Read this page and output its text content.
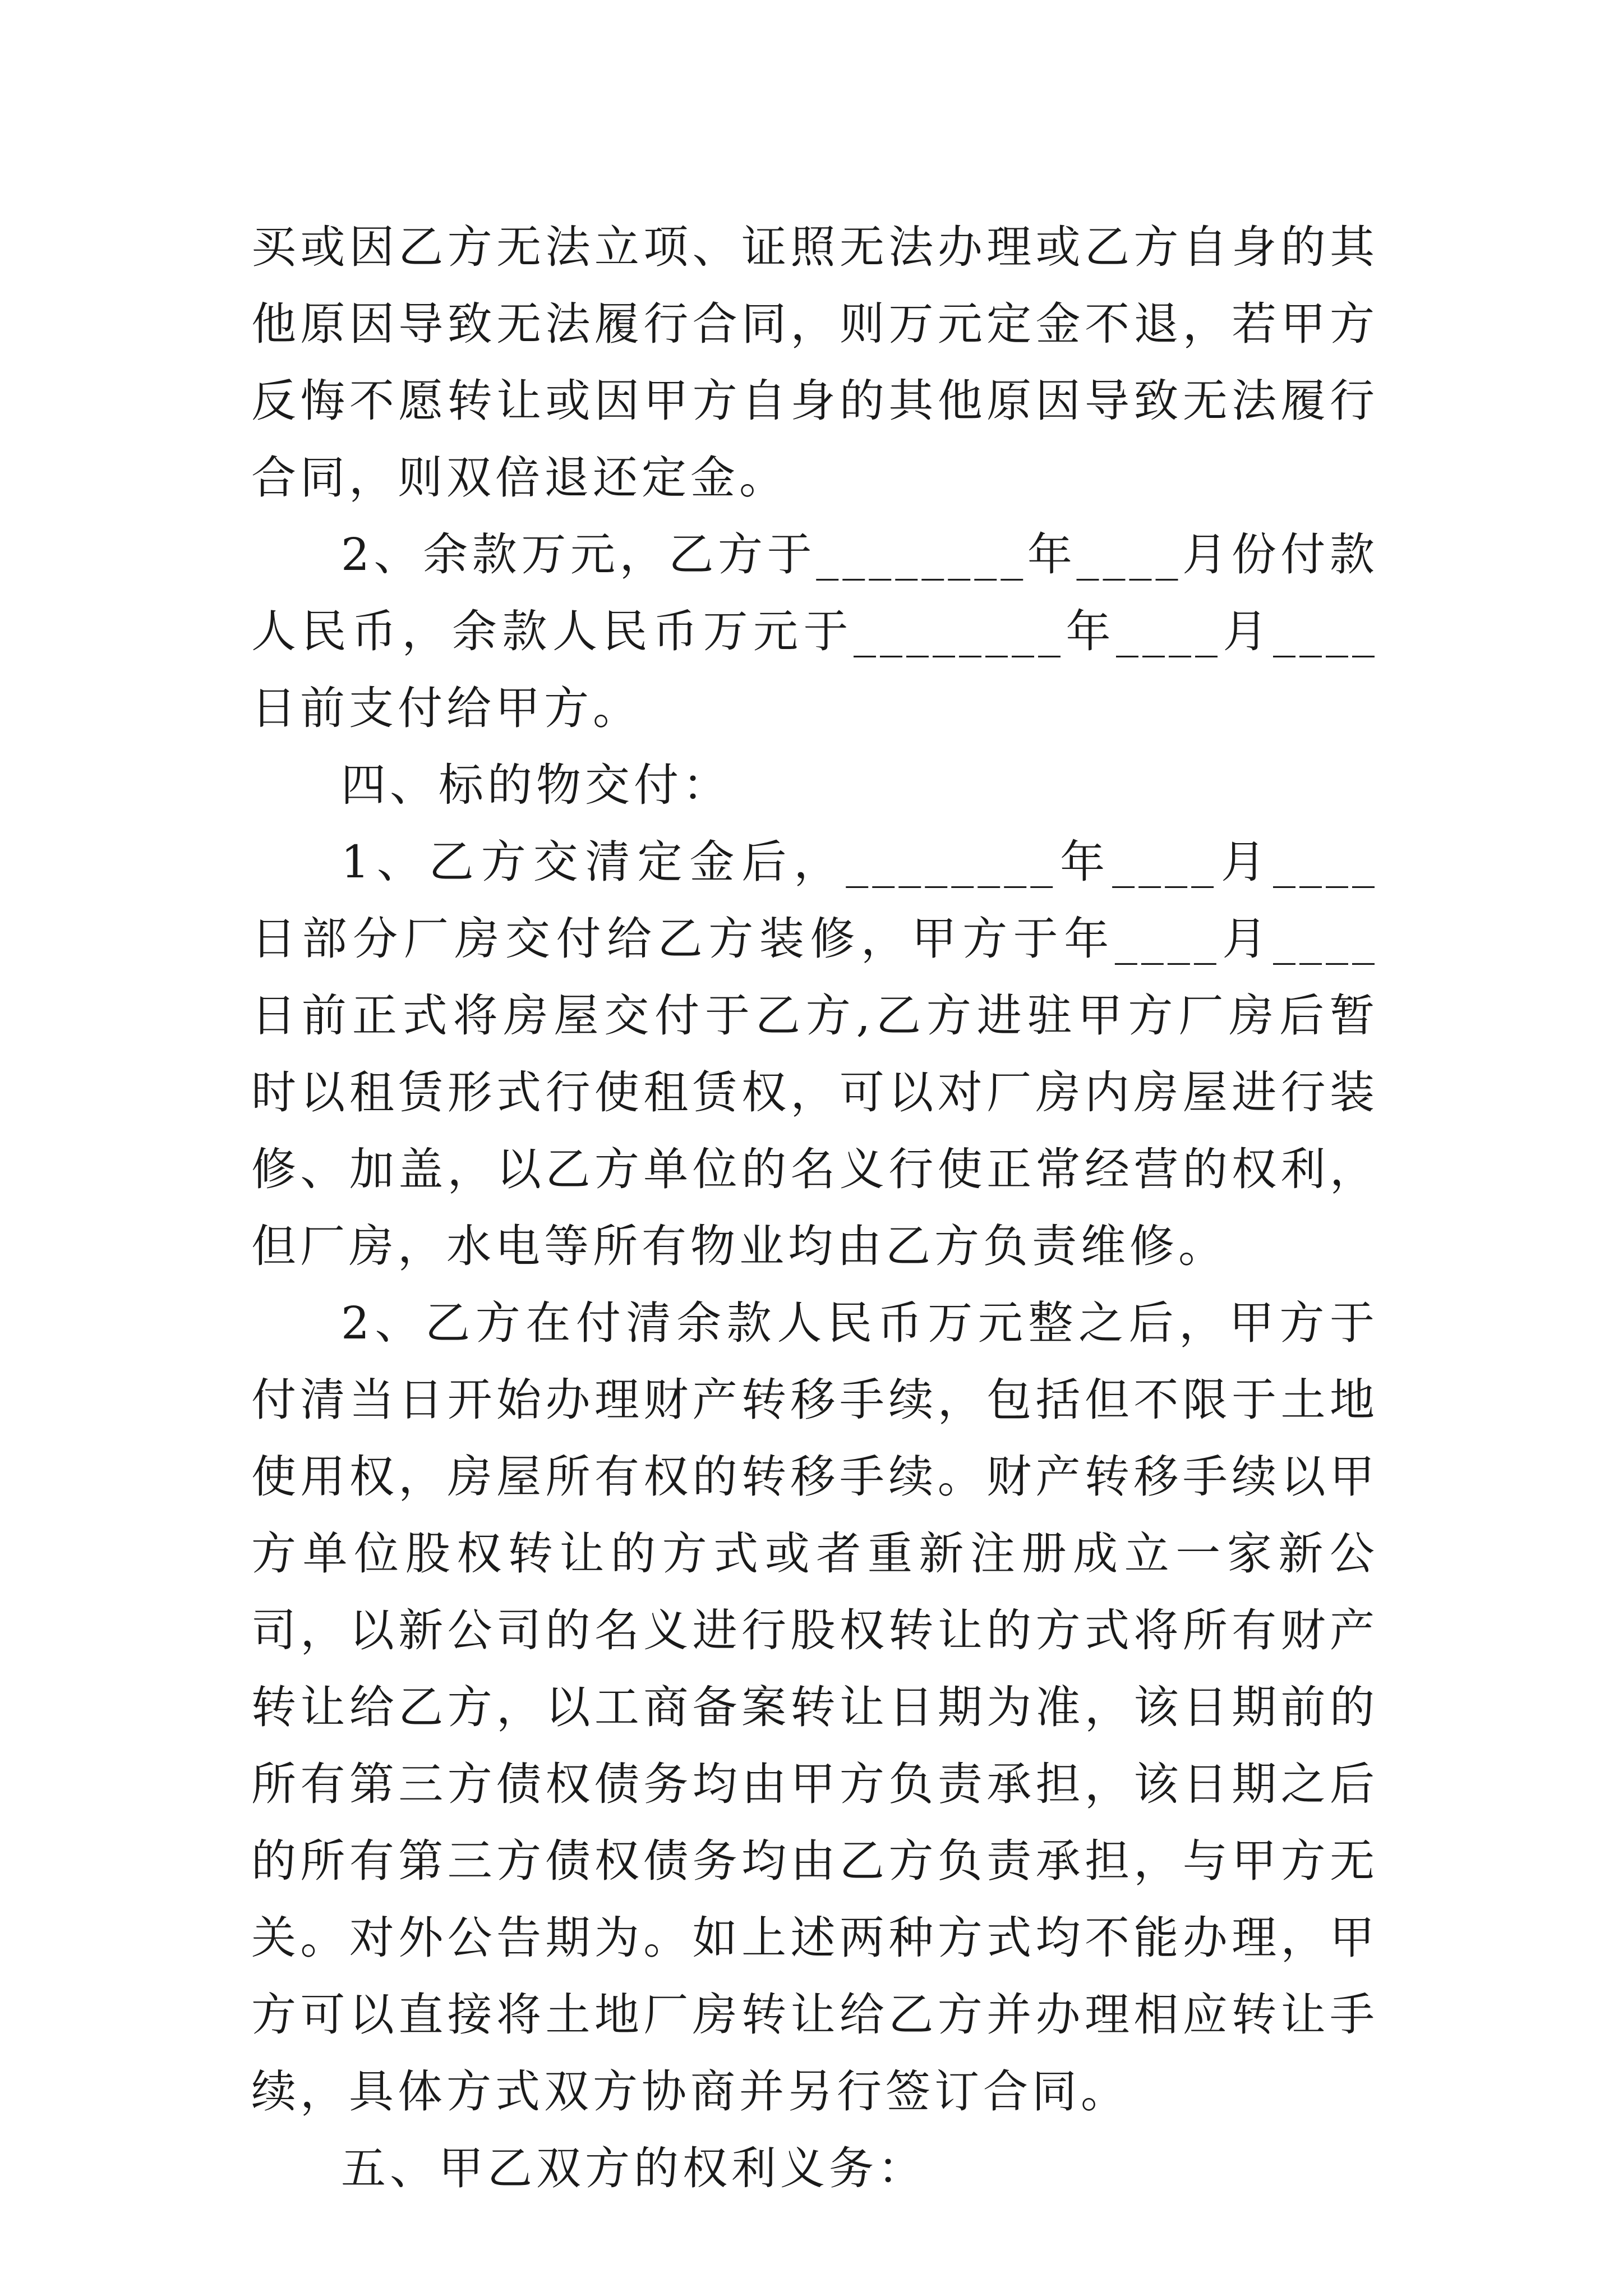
买或因乙方无法立项、证照无法办理或乙方自身的其他原因导致无法履行合同，则万元定金不退，若甲方反悔不愿转让或因甲方自身的其他原因导致无法履行合同，则双倍退还定金。

2、余款万元，乙方于________年____月份付款人民币，余款人民币万元于________年____月____日前支付给甲方。

四、标的物交付：

1、乙方交清定金后，________年____月____日部分厂房交付给乙方装修，甲方于年____月____日前正式将房屋交付于乙方,乙方进驻甲方厂房后暂时以租赁形式行使租赁权，可以对厂房内房屋进行装修、加盖，以乙方单位的名义行使正常经营的权利，但厂房，水电等所有物业均由乙方负责维修。

2、乙方在付清余款人民币万元整之后，甲方于付清当日开始办理财产转移手续，包括但不限于土地使用权，房屋所有权的转移手续。财产转移手续以甲方单位股权转让的方式或者重新注册成立一家新公司，以新公司的名义进行股权转让的方式将所有财产转让给乙方，以工商备案转让日期为准，该日期前的所有第三方债权债务均由甲方负责承担，该日期之后的所有第三方债权债务均由乙方负责承担，与甲方无关。对外公告期为。如上述两种方式均不能办理，甲方可以直接将土地厂房转让给乙方并办理相应转让手续，具体方式双方协商并另行签订合同。

五、甲乙双方的权利义务：
